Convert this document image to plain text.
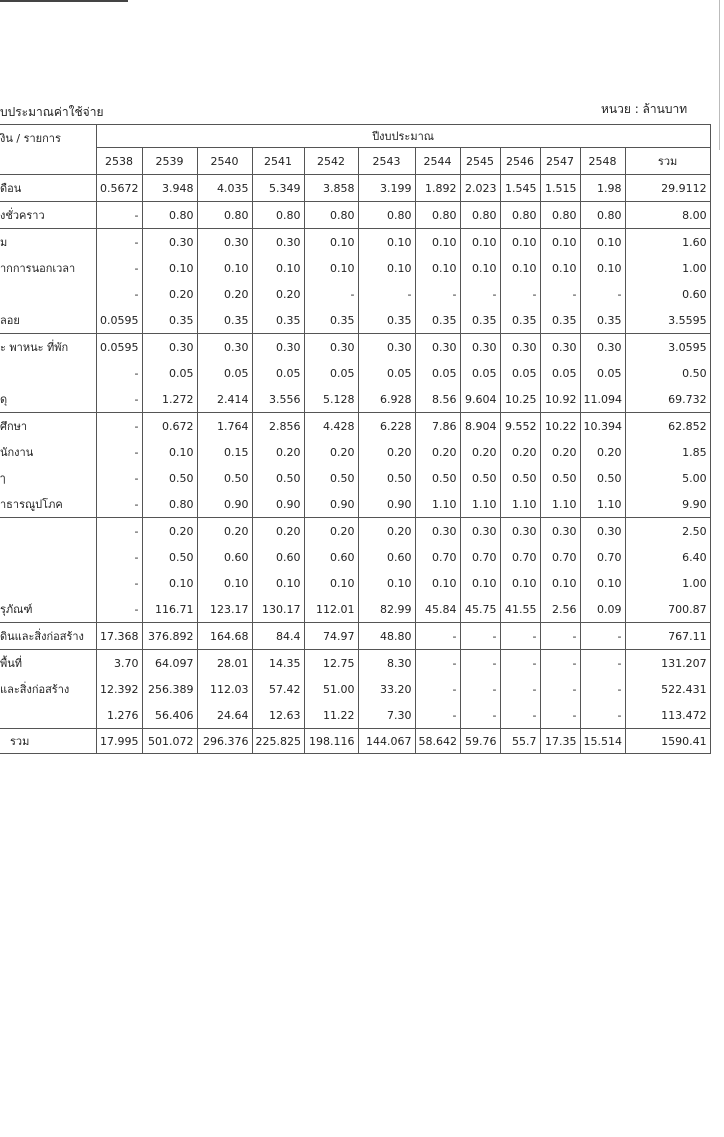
บประมาณค่าใช้จ่าย	หนวย : ล้านบาท
งิน / รายการ	ปีงบประมาณ											
	2538	2539	2540	2541	2542	2543	2544	2545	2546	2547	2548	รวม
ดือน	0.5672	3.948	4.035	5.349	3.858	3.199	1.892	2.023	1.545	1.515	1.98	29.9112
งชั่วคราว	-	0.80	0.80	0.80	0.80	0.80	0.80	0.80	0.80	0.80	0.80	8.00
ม	-	0.30	0.30	0.30	0.10	0.10	0.10	0.10	0.10	0.10	0.10	1.60
ากการนอกเวลา	-	0.10	0.10	0.10	0.10	0.10	0.10	0.10	0.10	0.10	0.10	1.00
	-	0.20	0.20	0.20	-	-	-	-	-	-	-	0.60
ลอย	0.0595	0.35	0.35	0.35	0.35	0.35	0.35	0.35	0.35	0.35	0.35	3.5595
ะ พาหนะ ที่พัก	0.0595	0.30	0.30	0.30	0.30	0.30	0.30	0.30	0.30	0.30	0.30	3.0595
	-	0.05	0.05	0.05	0.05	0.05	0.05	0.05	0.05	0.05	0.05	0.50
ดุ	-	1.272	2.414	3.556	5.128	6.928	8.56	9.604	10.25	10.92	11.094	69.732
ศึกษา	-	0.672	1.764	2.856	4.428	6.228	7.86	8.904	9.552	10.22	10.394	62.852
นักงาน	-	0.10	0.15	0.20	0.20	0.20	0.20	0.20	0.20	0.20	0.20	1.85
ๅ	-	0.50	0.50	0.50	0.50	0.50	0.50	0.50	0.50	0.50	0.50	5.00
าธารณูปโภค	-	0.80	0.90	0.90	0.90	0.90	1.10	1.10	1.10	1.10	1.10	9.90
	-	0.20	0.20	0.20	0.20	0.20	0.30	0.30	0.30	0.30	0.30	2.50
	-	0.50	0.60	0.60	0.60	0.60	0.70	0.70	0.70	0.70	0.70	6.40
	-	0.10	0.10	0.10	0.10	0.10	0.10	0.10	0.10	0.10	0.10	1.00
รุภัณฑ์	-	116.71	123.17	130.17	112.01	82.99	45.84	45.75	41.55	2.56	0.09	700.87
ดินและสิ่งก่อสร้าง	17.368	376.892	164.68	84.4	74.97	48.80	-	-	-	-	-	767.11
พื้นที่	3.70	64.097	28.01	14.35	12.75	8.30	-	-	-	-	-	131.207
และสิ่งก่อสร้าง	12.392	256.389	112.03	57.42	51.00	33.20	-	-	-	-	-	522.431
	1.276	56.406	24.64	12.63	11.22	7.30	-	-	-	-	-	113.472
รวม	17.995	501.072	296.376	225.825	198.116	144.067	58.642	59.76	55.7	17.35	15.514	1590.41
